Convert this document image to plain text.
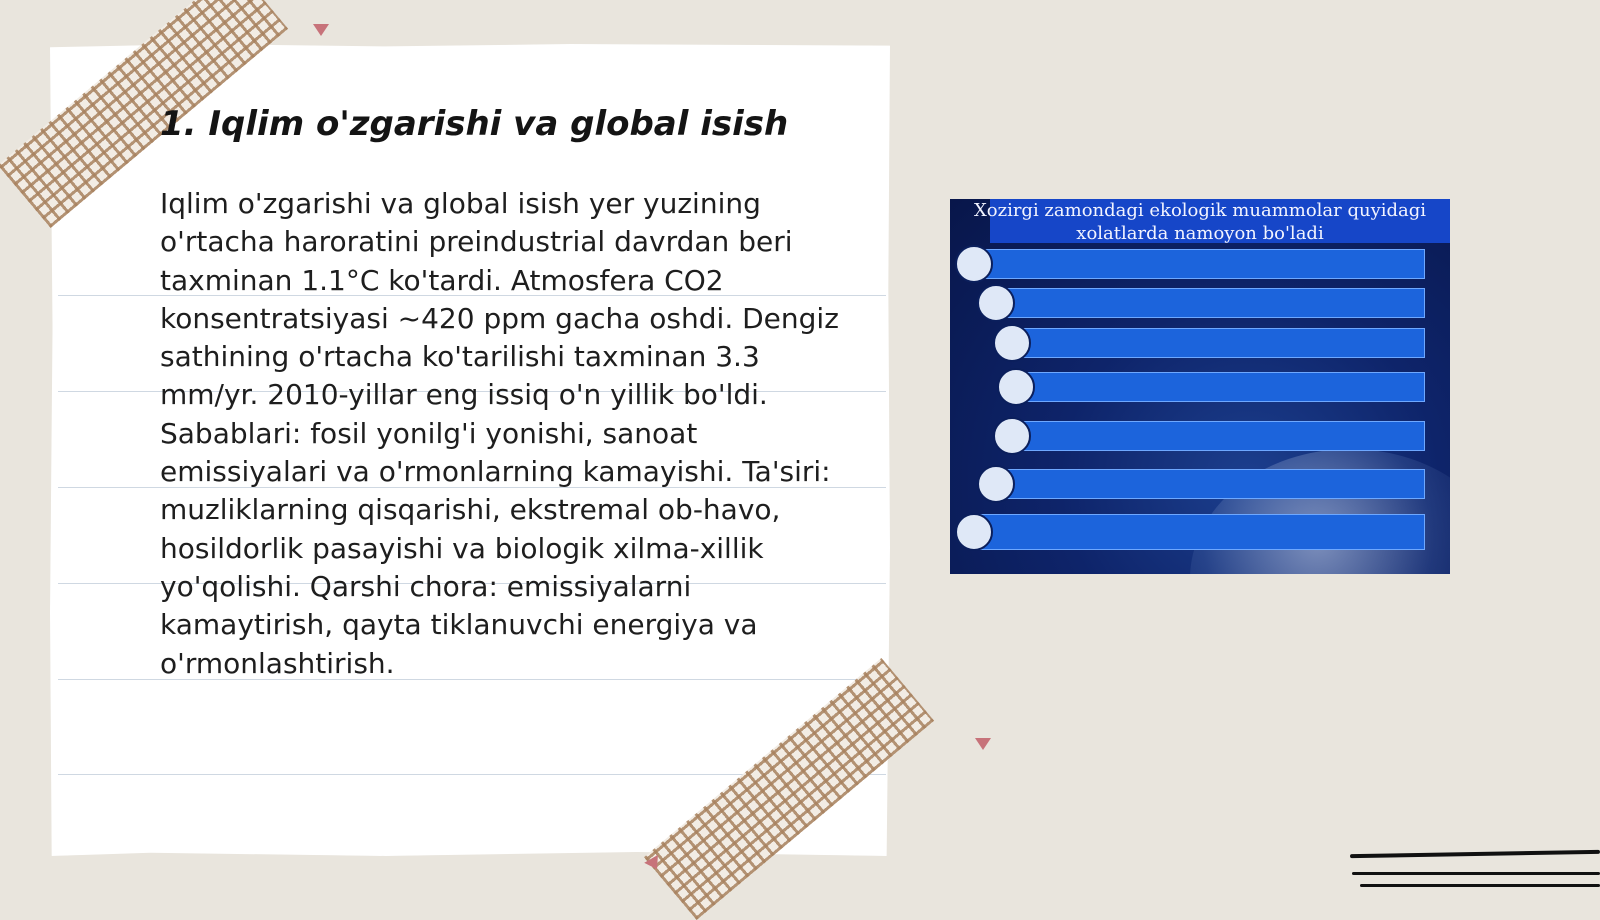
1. Iqlim o'zgarishi va global isish

Iqlim o'zgarishi va global isish yer yuzining o'rtacha haroratini preindustrial davrdan beri taxminan 1.1°C ko'tardi. Atmosfera CO2 konsentratsiyasi ~420 ppm gacha oshdi. Dengiz sathining o'rtacha ko'tarilishi taxminan 3.3 mm/yr. 2010-yillar eng issiq o'n yillik bo'ldi. Sabablari: fosil yonilg'i yonishi, sanoat emissiyalari va o'rmonlarning kamayishi. Ta'siri: muzliklarning qisqarishi, ekstremal ob-havo, hosildorlik pasayishi va biologik xilma-xillik yo'qolishi. Qarshi chora: emissiyalarni kamaytirish, qayta tiklanuvchi energiya va o'rmonlashtirish.

Xozirgi zamondagi ekologik muammolar quyidagi xolatlarda namoyon bo'ladi
